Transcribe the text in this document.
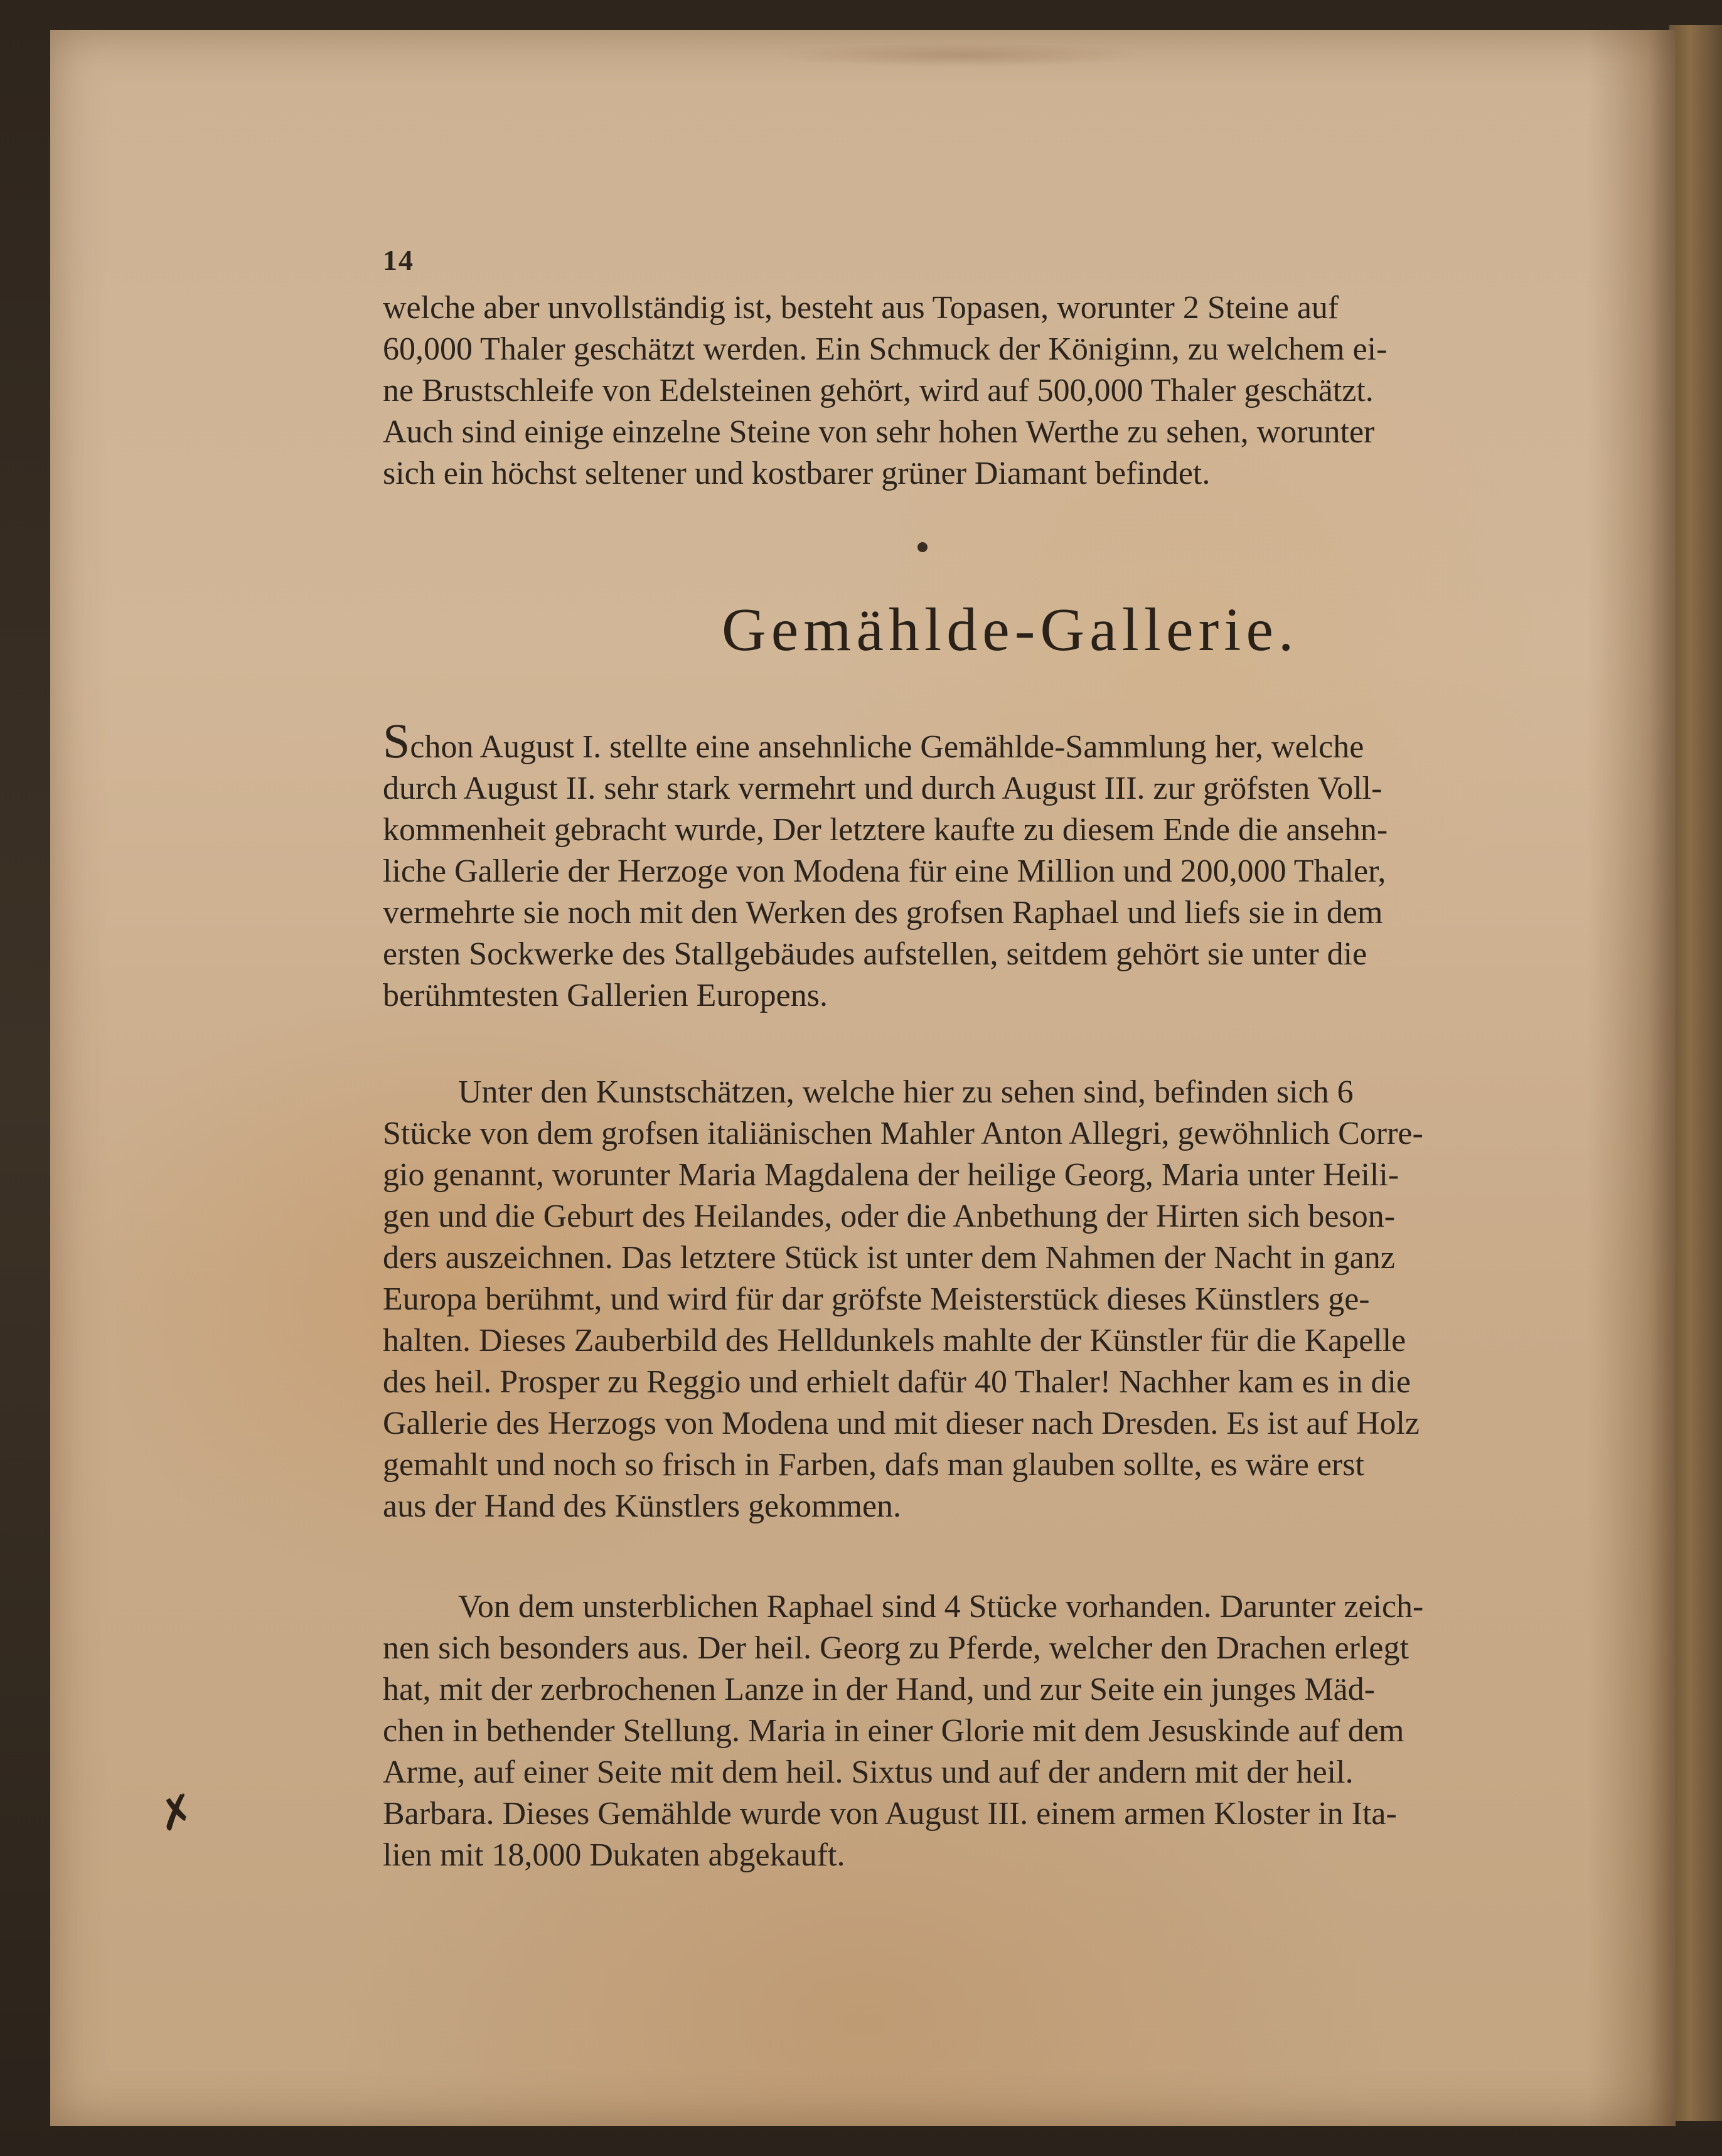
14
welche aber unvollständig ist, besteht aus Topasen, worunter 2 Steine auf
60,000 Thaler geschätzt werden. Ein Schmuck der Königinn, zu welchem ei-
ne Brustschleife von Edelsteinen gehört, wird auf 500,000 Thaler geschätzt.
Auch sind einige einzelne Steine von sehr hohen Werthe zu sehen, worunter
sich ein höchst seltener und kostbarer grüner Diamant befindet.
Gemählde-Gallerie.
Schon August I. stellte eine ansehnliche Gemählde-Sammlung her, welche
durch August II. sehr stark vermehrt und durch August III. zur gröfsten Voll-
kommenheit gebracht wurde, Der letztere kaufte zu diesem Ende die ansehn-
liche Gallerie der Herzoge von Modena für eine Million und 200,000 Thaler,
vermehrte sie noch mit den Werken des grofsen Raphael und liefs sie in dem
ersten Sockwerke des Stallgebäudes aufstellen, seitdem gehört sie unter die
berühmtesten Gallerien Europens.
Unter den Kunstschätzen, welche hier zu sehen sind, befinden sich 6
Stücke von dem grofsen italiänischen Mahler Anton Allegri, gewöhnlich Corre-
gio genannt, worunter Maria Magdalena der heilige Georg, Maria unter Heili-
gen und die Geburt des Heilandes, oder die Anbethung der Hirten sich beson-
ders auszeichnen. Das letztere Stück ist unter dem Nahmen der Nacht in ganz
Europa berühmt, und wird für dar gröfste Meisterstück dieses Künstlers ge-
halten. Dieses Zauberbild des Helldunkels mahlte der Künstler für die Kapelle
des heil. Prosper zu Reggio und erhielt dafür 40 Thaler! Nachher kam es in die
Gallerie des Herzogs von Modena und mit dieser nach Dresden. Es ist auf Holz
gemahlt und noch so frisch in Farben, dafs man glauben sollte, es wäre erst
aus der Hand des Künstlers gekommen.
Von dem unsterblichen Raphael sind 4 Stücke vorhanden. Darunter zeich-
nen sich besonders aus. Der heil. Georg zu Pferde, welcher den Drachen erlegt
hat, mit der zerbrochenen Lanze in der Hand, und zur Seite ein junges Mäd-
chen in bethender Stellung. Maria in einer Glorie mit dem Jesuskinde auf dem
Arme, auf einer Seite mit dem heil. Sixtus und auf der andern mit der heil.
Barbara. Dieses Gemählde wurde von August III. einem armen Kloster in Ita-
lien mit 18,000 Dukaten abgekauft.
✗
